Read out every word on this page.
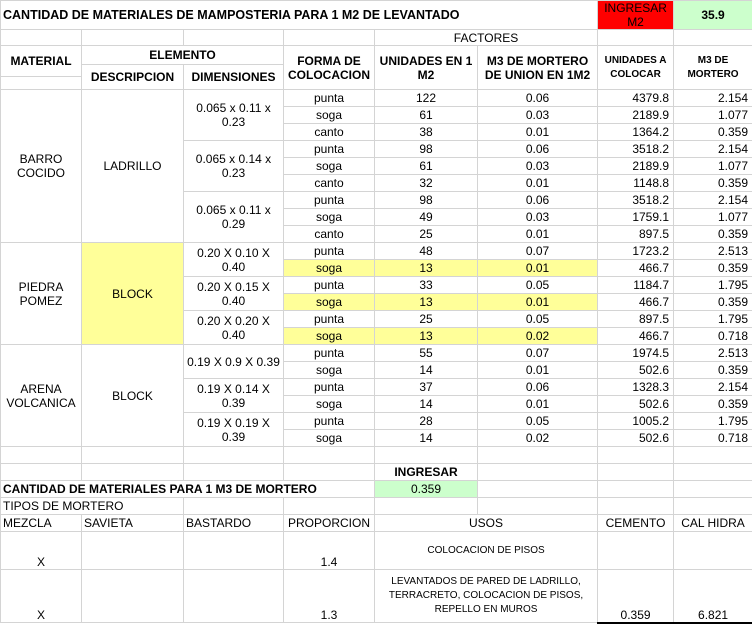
CANTIDAD DE MATERIALES DE MAMPOSTERIA PARA 1 M2 DE LEVANTADO						INGRESAR M2	35.9
				FACTORES			
MATERIAL	ELEMENTO		FORMA DE COLOCACION	UNIDADES EN 1 M2	M3 DE MORTERO DE UNION EN 1M2	UNIDADES A COLOCAR	M3 DE MORTERO
	DESCRIPCION	DIMENSIONES					

BARRO COCIDO	LADRILLO	0.065 x 0.11 x 0.23	punta	122	0.06	4379.8	2.154
			soga	61	0.03	2189.9	1.077
			canto	38	0.01	1364.2	0.359
		0.065 x 0.14 x 0.23	punta	98	0.06	3518.2	2.154
			soga	61	0.03	2189.9	1.077
			canto	32	0.01	1148.8	0.359
		0.065 x 0.11 x 0.29	punta	98	0.06	3518.2	2.154
			soga	49	0.03	1759.1	1.077
			canto	25	0.01	897.5	0.359
PIEDRA POMEZ	BLOCK	0.20 X 0.10 X 0.40	punta	48	0.07	1723.2	2.513
			soga	13	0.01	466.7	0.359
		0.20 X 0.15 X 0.40	punta	33	0.05	1184.7	1.795
			soga	13	0.01	466.7	0.359
		0.20 X 0.20 X 0.40	punta	25	0.05	897.5	1.795
			soga	13	0.02	466.7	0.718
ARENA VOLCANICA	BLOCK	0.19 X 0.9 X 0.39	punta	55	0.07	1974.5	2.513
			soga	14	0.01	502.6	0.359
		0.19 X 0.14 X 0.39	punta	37	0.06	1328.3	2.154
			soga	14	0.01	502.6	0.359
		0.19 X 0.19 X 0.39	punta	28	0.05	1005.2	1.795
			soga	14	0.02	502.6	0.718

				INGRESAR			
CANTIDAD DE MATERIALES PARA 1 M3 DE MORTERO				0.359			
TIPOS DE MORTERO							
MEZCLA	SAVIETA	BASTARDO	PROPORCION	USOS		CEMENTO	CAL HIDRA
X			1.4	COLOCACION DE PISOS			
X			1.3	LEVANTADOS DE PARED DE LADRILLO, TERRACRETO, COLOCACION DE PISOS, REPELLO EN MUROS		0.359	6.821
